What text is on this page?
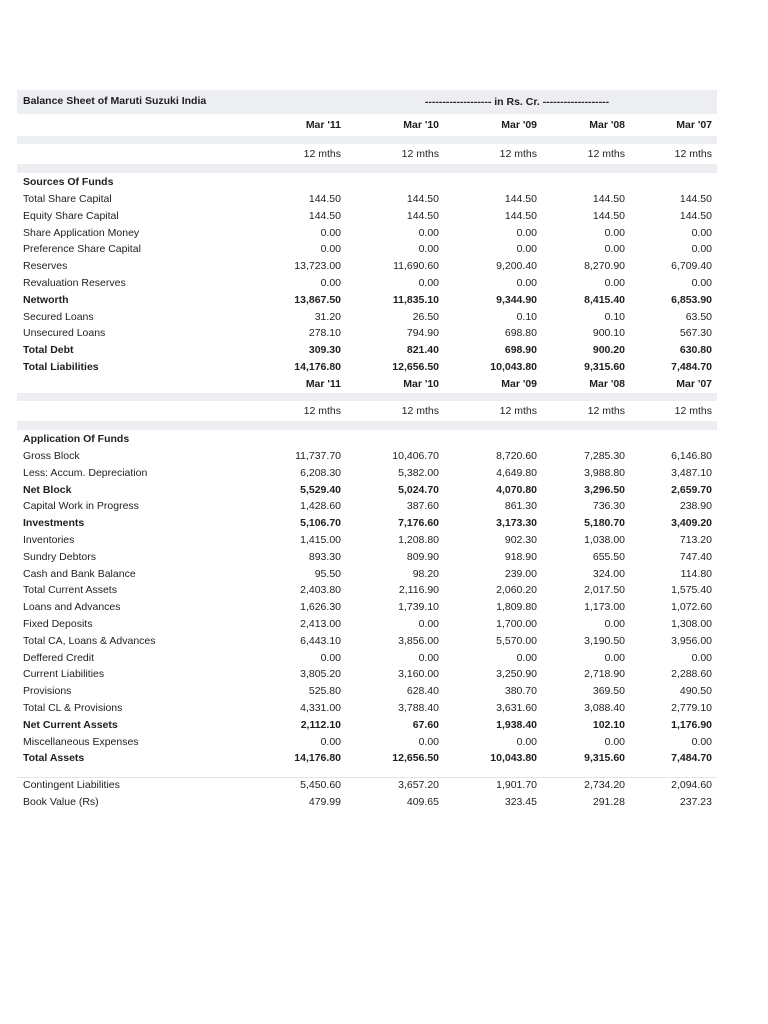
Balance Sheet of Maruti Suzuki India	------------------- in Rs. Cr. -------------------
Mar '11	Mar '10	Mar '09	Mar '08	Mar '07
12 mths	12 mths	12 mths	12 mths	12 mths
Sources Of Funds
Total Share Capital	144.50	144.50	144.50	144.50	144.50
Equity Share Capital	144.50	144.50	144.50	144.50	144.50
Share Application Money	0.00	0.00	0.00	0.00	0.00
Preference Share Capital	0.00	0.00	0.00	0.00	0.00
Reserves	13,723.00	11,690.60	9,200.40	8,270.90	6,709.40
Revaluation Reserves	0.00	0.00	0.00	0.00	0.00
Networth	13,867.50	11,835.10	9,344.90	8,415.40	6,853.90
Secured Loans	31.20	26.50	0.10	0.10	63.50
Unsecured Loans	278.10	794.90	698.80	900.10	567.30
Total Debt	309.30	821.40	698.90	900.20	630.80
Total Liabilities	14,176.80	12,656.50	10,043.80	9,315.60	7,484.70
Mar '11	Mar '10	Mar '09	Mar '08	Mar '07
12 mths	12 mths	12 mths	12 mths	12 mths
Application Of Funds
Gross Block	11,737.70	10,406.70	8,720.60	7,285.30	6,146.80
Less: Accum. Depreciation	6,208.30	5,382.00	4,649.80	3,988.80	3,487.10
Net Block	5,529.40	5,024.70	4,070.80	3,296.50	2,659.70
Capital Work in Progress	1,428.60	387.60	861.30	736.30	238.90
Investments	5,106.70	7,176.60	3,173.30	5,180.70	3,409.20
Inventories	1,415.00	1,208.80	902.30	1,038.00	713.20
Sundry Debtors	893.30	809.90	918.90	655.50	747.40
Cash and Bank Balance	95.50	98.20	239.00	324.00	114.80
Total Current Assets	2,403.80	2,116.90	2,060.20	2,017.50	1,575.40
Loans and Advances	1,626.30	1,739.10	1,809.80	1,173.00	1,072.60
Fixed Deposits	2,413.00	0.00	1,700.00	0.00	1,308.00
Total CA, Loans & Advances	6,443.10	3,856.00	5,570.00	3,190.50	3,956.00
Deffered Credit	0.00	0.00	0.00	0.00	0.00
Current Liabilities	3,805.20	3,160.00	3,250.90	2,718.90	2,288.60
Provisions	525.80	628.40	380.70	369.50	490.50
Total CL & Provisions	4,331.00	3,788.40	3,631.60	3,088.40	2,779.10
Net Current Assets	2,112.10	67.60	1,938.40	102.10	1,176.90
Miscellaneous Expenses	0.00	0.00	0.00	0.00	0.00
Total Assets	14,176.80	12,656.50	10,043.80	9,315.60	7,484.70
Contingent Liabilities	5,450.60	3,657.20	1,901.70	2,734.20	2,094.60
Book Value (Rs)	479.99	409.65	323.45	291.28	237.23
